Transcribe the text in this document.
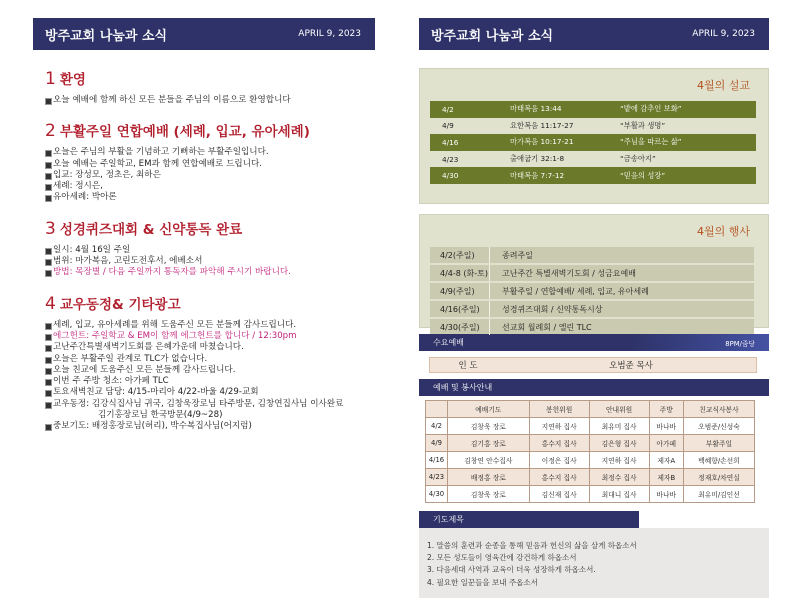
방주교회 나눔과 소식	APRIL 9, 2023
1 환영
오늘 예배에 함께 하신 모든 분들을 주님의 이름으로 환영합니다
2 부활주일 연합예배 (세례, 입교, 유아세례)
오늘은 주님의 부활을 기념하고 기뻐하는 부활주일입니다.
오늘 예배는 주일학교, EM과 함께 연합예배로 드립니다.
입교: 장성모, 정초은, 최하은
세례: 정시은,
유아세례: 박아론
3 성경퀴즈대회 & 신약통독 완료
일시: 4월 16일 주일
범위: 마가복음, 고린도전후서, 에베소서
방법: 목장별 / 다음 주일까지 통독자를 파악해 주시기 바랍니다.
4 교우동정& 기타광고
세례, 입교, 유아세례를 위해 도움주신 모든 분들께 감사드립니다.
에그헌트: 주일학교 & EM이 함께 에그헌트를 합니다 / 12:30pm
고난주간특별새벽기도회를 은혜가운데 마쳤습니다.
오늘은 부활주일 관계로 TLC가 없습니다.
오늘 친교에 도움주신 모든 분들께 감사드립니다.
이번 주 주방 청소: 아가페 TLC
토요새벽친교 담당: 4/15-마리아 4/22-바울 4/29-교회
교우동정: 김강식집사님 귀국, 김창욱장로님 타주방문, 김창연집사님 이사완료
김기홍장로님 한국방문(4/9~28)
중보기도: 배정홍장로님(허리), 박수복집사님(어지럼)
방주교회 나눔과 소식	APRIL 9, 2023
4월의 설교
4/2	마태복음 13:44	“밭에 감추인 보화”
4/9	요한복음 11:17-27	“부활과 생명”
4/16	마가복음 10:17-21	“주님을 따르는 삶”
4/23	출애굽기 32:1-8	“금송아지”
4/30	마태복음 7:7-12	“믿음의 성장”
4월의 행사
4/2(주일)	종려주일
4/4-8 (화-토)	고난주간 특별새벽기도회 / 성금요예배
4/9(주일)	부활주일 / 연합예배/ 세례, 입교, 유아세례
4/16(주일)	성경퀴즈대회 / 신약통독시상
4/30(주일)	선교회 월례회 / 엘린 TLC
수요예배	8PM/줌당
인 도	오범준 목사
예배 및 봉사안내
	예배기도	봉헌위원	안내위원	주방	친교식사봉사
4/2	김창욱 장로	지연하 집사	최유미 집사	바나바	오범준/신성숙
4/9	김기홍 장로	홍수지 집사	김은형 집사	아가페	부활주일
4/16	김창연 안수집사	이정은 집사	지연하 집사	제자A	백혜향/손선희
4/23	배정홍 장로	홍수지 집사	최정수 집사	제자B	정재호/차연실
4/30	김창욱 장로	김신재 집사	최대니 집사	바나바	최유미/김인선
기도제목
1. 말씀의 훈련과 순종을 통해 믿음과 헌신의 삶을 살게 하옵소서
2. 모든 성도들이 영육간에 강건하게 하옵소서
3. 다음세대 사역과 교육이 더욱 성장하게 하옵소서.
4. 필요한 일꾼들을 보내 주옵소서
